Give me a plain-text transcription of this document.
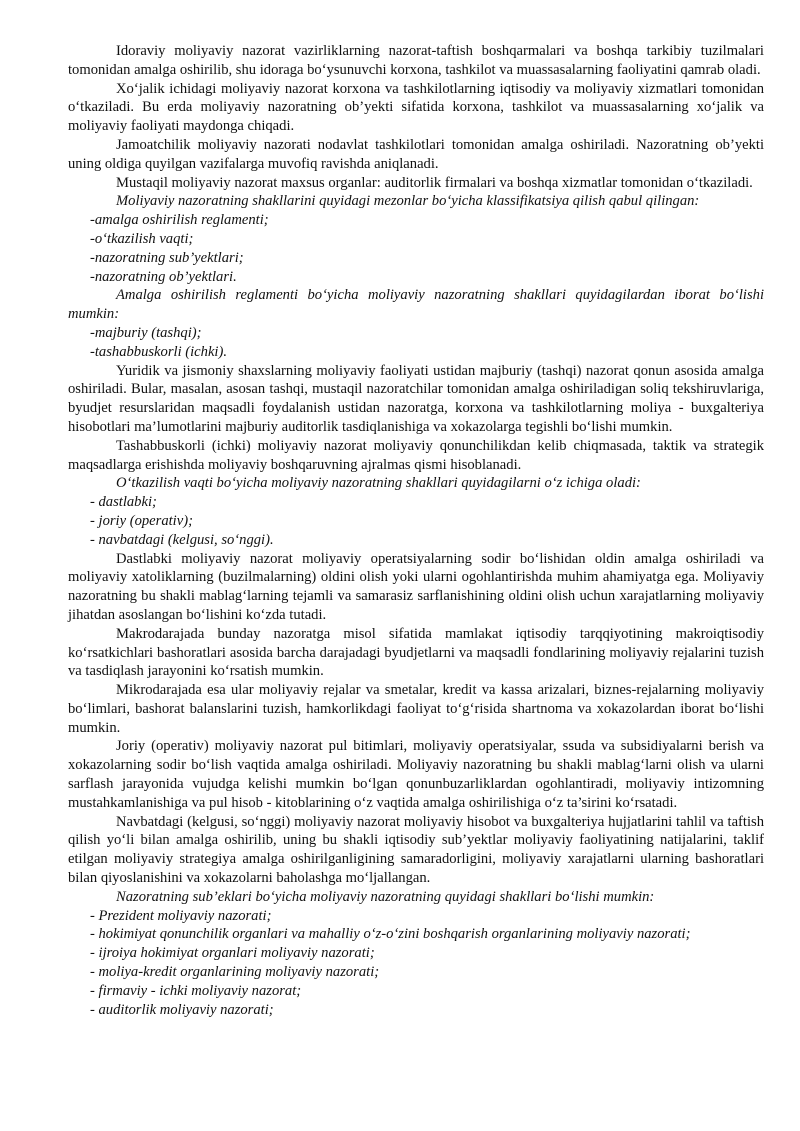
Idoraviy moliyaviy nazorat vazirliklarning nazorat-taftish boshqarmalari va boshqa tarkibiy tuzilmalari tomonidan amalga oshirilib, shu idoraga bo‘ysunuvchi korxona, tashkilot va muassasalarning faoliyatini qamrab oladi.

Xo‘jalik ichidagi moliyaviy nazorat korxona va tashkilotlarning iqtisodiy va moliyaviy xizmatlari tomonidan o‘tkaziladi. Bu erda moliyaviy nazoratning ob’yekti sifatida korxona, tashkilot va muassasalarning xo‘jalik va moliyaviy faoliyati maydonga chiqadi.

Jamoatchilik moliyaviy nazorati nodavlat tashkilotlari tomonidan amalga oshiriladi. Nazoratning ob’yekti uning oldiga quyilgan vazifalarga muvofiq ravishda aniqlanadi.

Mustaqil moliyaviy nazorat maxsus organlar: auditorlik firmalari va boshqa xizmatlar tomonidan o‘tkaziladi.

Moliyaviy nazoratning shakllarini quyidagi mezonlar bo‘yicha klassifikatsiya qilish qabul qilingan:

-amalga oshirilish reglamenti;

-o‘tkazilish vaqti;

-nazoratning sub’yektlari;

-nazoratning ob’yektlari.

Amalga oshirilish reglamenti bo‘yicha moliyaviy nazoratning shakllari quyidagilardan iborat bo‘lishi mumkin:

-majburiy (tashqi);

-tashabbuskorli (ichki).

Yuridik va jismoniy shaxslarning moliyaviy faoliyati ustidan majburiy (tashqi) nazorat qonun asosida amalga oshiriladi. Bular, masalan, asosan tashqi, mustaqil nazoratchilar tomonidan amalga oshiriladigan soliq tekshiruvlariga, byudjet resurslaridan maqsadli foydalanish ustidan nazoratga, korxona va tashkilotlarning moliya - buxgalteriya hisobotlari ma’lumotlarini majburiy auditorlik tasdiqlanishiga va xokazolarga tegishli bo‘lishi mumkin.

Tashabbuskorli (ichki) moliyaviy nazorat moliyaviy qonunchilikdan kelib chiqmasada, taktik va strategik maqsadlarga erishishda moliyaviy boshqaruvning ajralmas qismi hisoblanadi.

O‘tkazilish vaqti bo‘yicha moliyaviy nazoratning shakllari quyidagilarni o‘z ichiga oladi:

- dastlabki;

- joriy (operativ);

- navbatdagi (kelgusi, so‘nggi).

Dastlabki moliyaviy nazorat moliyaviy operatsiyalarning sodir bo‘lishidan oldin amalga oshiriladi va moliyaviy xatoliklarning (buzilmalarning) oldini olish yoki ularni ogohlantirishda muhim ahamiyatga ega. Moliyaviy nazoratning bu shakli mablag‘larning tejamli va samarasiz sarflanishining oldini olish uchun xarajatlarning moliyaviy jihatdan asoslangan bo‘lishini ko‘zda tutadi.

Makrodarajada bunday nazoratga misol sifatida mamlakat iqtisodiy tarqqiyotining makroiqtisodiy ko‘rsatkichlari bashoratlari asosida barcha darajadagi byudjetlarni va maqsadli fondlarining moliyaviy rejalarini tuzish va tasdiqlash jarayonini ko‘rsatish mumkin.

Mikrodarajada esa ular moliyaviy rejalar va smetalar, kredit va kassa arizalari, biznes-rejalarning moliyaviy bo‘limlari, bashorat balanslarini tuzish, hamkorlikdagi faoliyat to‘g‘risida shartnoma va xokazolardan iborat bo‘lishi mumkin.

Joriy (operativ) moliyaviy nazorat pul bitimlari, moliyaviy operatsiyalar, ssuda va subsidiyalarni berish va xokazolarning sodir bo‘lish vaqtida amalga oshiriladi. Moliyaviy nazoratning bu shakli mablag‘larni olish va ularni sarflash jarayonida vujudga kelishi mumkin bo‘lgan qonunbuzarliklardan ogohlantiradi, moliyaviy intizomning mustahkamlanishiga va pul hisob - kitoblarining o‘z vaqtida amalga oshirilishiga o‘z ta’sirini ko‘rsatadi.

Navbatdagi (kelgusi, so‘nggi) moliyaviy nazorat moliyaviy hisobot va buxgalteriya hujjatlarini tahlil va taftish qilish yo‘li bilan amalga oshirilib, uning bu shakli iqtisodiy sub’yektlar moliyaviy faoliyatining natijalarini, taklif etilgan moliyaviy strategiya amalga oshirilganligining samaradorligini, moliyaviy xarajatlarni ularning bashoratlari bilan qiyoslanishini va xokazolarni baholashga mo‘ljallangan.

Nazoratning sub’eklari bo‘yicha moliyaviy nazoratning quyidagi shakllari bo‘lishi mumkin:

- Prezident moliyaviy nazorati;

- hokimiyat qonunchilik organlari va mahalliy o‘z-o‘zini boshqarish organlarining moliyaviy nazorati;

- ijroiya hokimiyat organlari moliyaviy nazorati;

- moliya-kredit organlarining moliyaviy nazorati;

- firmaviy - ichki moliyaviy nazorat;

- auditorlik moliyaviy nazorati;
